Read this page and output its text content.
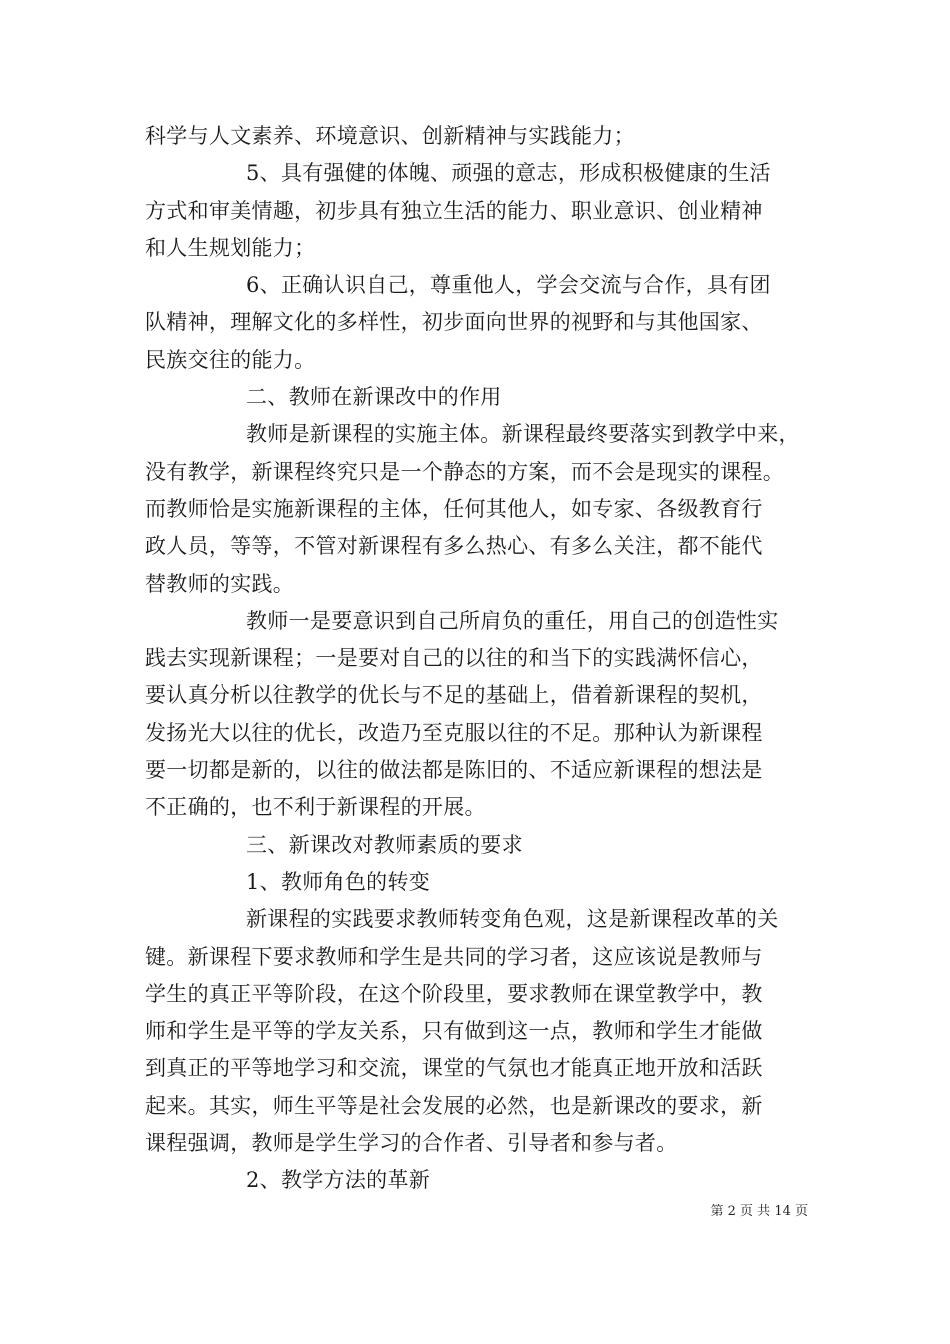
科学与人文素养、环境意识、创新精神与实践能力；
5、具有强健的体魄、顽强的意志，形成积极健康的生活
方式和审美情趣，初步具有独立生活的能力、职业意识、创业精神
和人生规划能力；
6、正确认识自己，尊重他人，学会交流与合作，具有团
队精神，理解文化的多样性，初步面向世界的视野和与其他国家、
民族交往的能力。
二、教师在新课改中的作用
教师是新课程的实施主体。新课程最终要落实到教学中来，
没有教学，新课程终究只是一个静态的方案，而不会是现实的课程。
而教师恰是实施新课程的主体，任何其他人，如专家、各级教育行
政人员，等等，不管对新课程有多么热心、有多么关注，都不能代
替教师的实践。
教师一是要意识到自己所肩负的重任，用自己的创造性实
践去实现新课程；一是要对自己的以往的和当下的实践满怀信心，
要认真分析以往教学的优长与不足的基础上，借着新课程的契机，
发扬光大以往的优长，改造乃至克服以往的不足。那种认为新课程
要一切都是新的，以往的做法都是陈旧的、不适应新课程的想法是
不正确的，也不利于新课程的开展。
三、新课改对教师素质的要求
1、教师角色的转变
新课程的实践要求教师转变角色观，这是新课程改革的关
键。新课程下要求教师和学生是共同的学习者，这应该说是教师与
学生的真正平等阶段，在这个阶段里，要求教师在课堂教学中，教
师和学生是平等的学友关系，只有做到这一点，教师和学生才能做
到真正的平等地学习和交流，课堂的气氛也才能真正地开放和活跃
起来。其实，师生平等是社会发展的必然，也是新课改的要求，新
课程强调，教师是学生学习的合作者、引导者和参与者。
2、教学方法的革新
第 2 页 共 14 页
